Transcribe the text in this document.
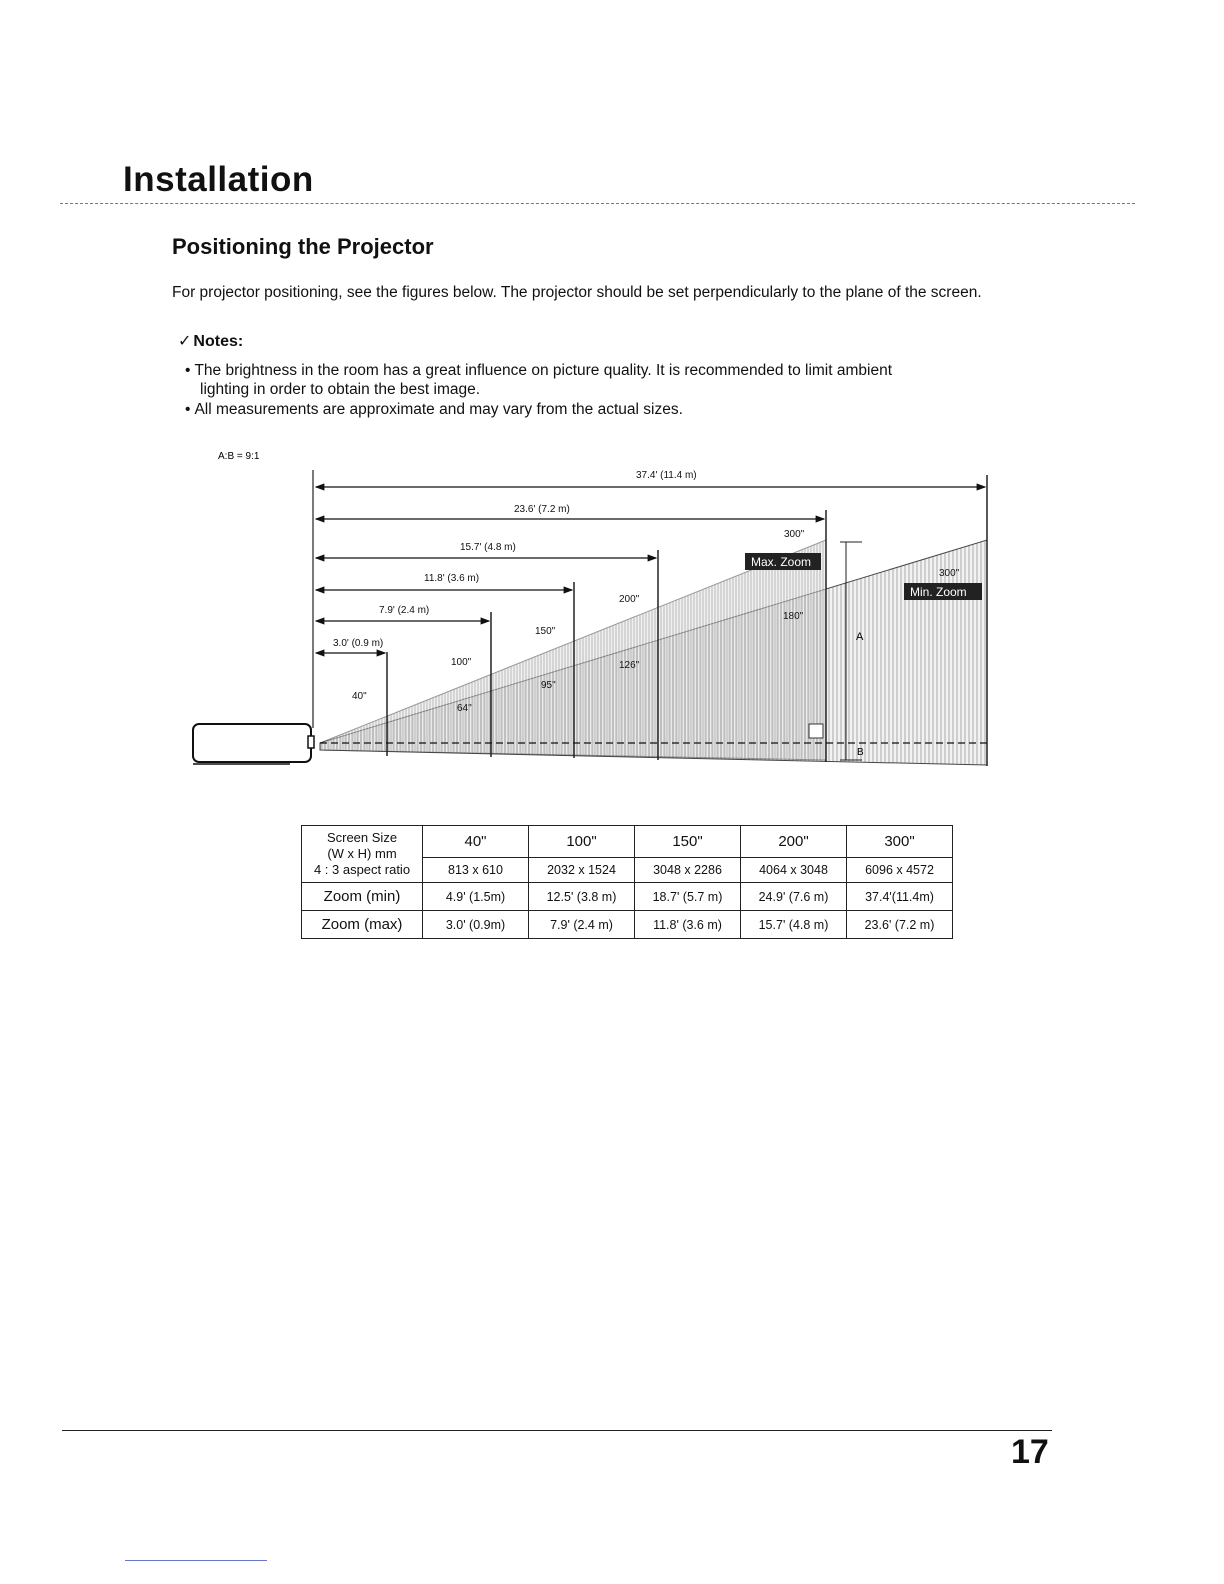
Installation
Positioning the Projector
For projector positioning, see the figures below. The projector should be set perpendicularly to the plane of the screen.
✓ Notes:
• The brightness in the room has a great influence on picture quality. It is recommended to limit ambient
lighting in order to obtain the best image.
• All measurements are approximate and may vary from the actual sizes.
A:B = 9:1
37.4' (11.4 m)
23.6' (7.2 m)
15.7' (4.8 m)
11.8' (3.6 m)
7.9' (2.4 m)
3.0' (0.9 m)
300"
200"
150"
100"
40"
300"
180"
126"
95"
64"
Max. Zoom
Min. Zoom
A
B
Screen Size
(W x H) mm
4 : 3 aspect ratio	40"	100"	150"	200"	300"
	813 x 610	2032 x 1524	3048 x 2286	4064 x 3048	6096 x 4572
Zoom (min)	4.9' (1.5m)	12.5' (3.8 m)	18.7' (5.7 m)	24.9' (7.6 m)	37.4'(11.4m)
Zoom (max)	3.0' (0.9m)	7.9' (2.4 m)	11.8' (3.6 m)	15.7' (4.8 m)	23.6' (7.2 m)
17
